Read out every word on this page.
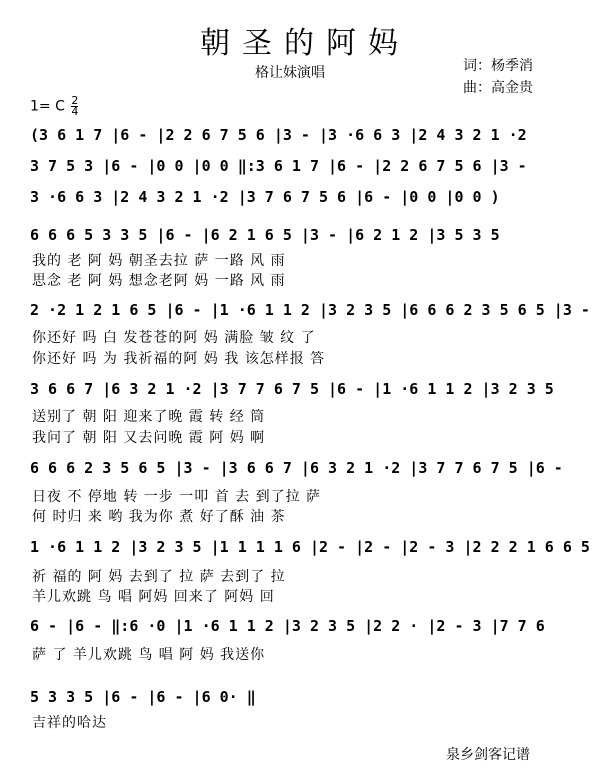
朝圣的阿妈
格让妹演唱	词：杨季消
曲：高金贵
1= C $\frac{2}{4}$
(3 6 1 7 |6 - |2 2 6 7 5 6 |3 - |3 ·6 6 3 |2 4 3 2 1 ·2
3 7 5 3 |6 - |0 0 |0 0 ‖:3 6 1 7 |6 - |2 2 6 7 5 6 |3 -
3 ·6 6 3 |2 4 3 2 1 ·2 |3 7 6 7 5 6 |6 - |0 0 |0 0 )
6 6 6 5 3 3 5 |6 - |6 2 1 6 5 |3 - |6 2 1 2 |3 5 3 5
我的 老 阿 妈 朝圣去拉 萨 一路 风 雨
思念 老 阿 妈 想念老阿 妈 一路 风 雨
2 ·2 1 2 1 6 5 |6 - |1 ·6 1 1 2 |3 2 3 5 |6 6 6 2 3 5 6 5 |3 -
你还好 吗 白 发苍苍的阿 妈 满脸 皱 纹 了
你还好 吗 为 我祈福的阿 妈 我 该怎样报 答
3 6 6 7 |6 3 2 1 ·2 |3 7 7 6 7 5 |6 - |1 ·6 1 1 2 |3 2 3 5
送别了 朝 阳 迎来了晚 霞 转 经 筒
我问了 朝 阳 又去问晚 霞 阿 妈 啊
6 6 6 2 3 5 6 5 |3 - |3 6 6 7 |6 3 2 1 ·2 |3 7 7 6 7 5 |6 -
日夜 不 停地 转 一步 一叩 首 去 到了拉 萨
何 时归 来 哟 我为你 煮 好了酥 油 茶
1 ·6 1 1 2 |3 2 3 5 |1 1 1 1 6 |2 - |2 - |2 - 3 |2 2 2 1 6 6 5
祈 福的 阿 妈 去到了 拉 萨 去到了 拉
羊儿欢跳 鸟 唱 阿妈 回来了 阿妈 回
6 - |6 - ‖:6 ·0 |1 ·6 1 1 2 |3 2 3 5 |2 2 · |2 - 3 |7 7 6
萨 了 羊儿欢跳 鸟 唱 阿 妈 我送你
5 3 3 5 |6 - |6 - |6 0· ‖
吉祥的哈达
泉乡剑客记谱
